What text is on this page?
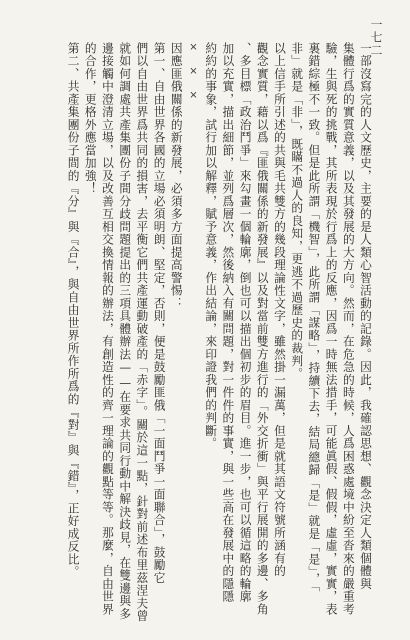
一七二
一部沒寫完的人文歷史，主要的是人類心智活動的記錄。因此，我確認思想、觀念決定人類個體與
集體行爲的實質意義，以及其發展的大方向。然而，在危急的時候，人爲困惑處境中紛至沓來的嚴重考
驗，生與死的挑戰，其所表現於行爲上的反應，因爲一時無法措手，可能眞假、假假，虛虛，實實，表
裏錯綜極不一致。但是此所謂「機智」，此所謂「謀略」，持續下去，結局總歸「是」就是「是」，「
非」就是「非」，既瞞不過人的良知，更逃不過歷史的裁判。
以上信手所引述的共與毛共雙方的幾段理論性文字，雖然掛一漏萬，但是就其語文符號所涵有的
觀念實質，藉以爲『匪俄關係的新發展』以及對當前雙方進行的「外交折衝」與平行展開的多邊、多角
、多目標「政治鬥爭」來勾畫一個輪廓，倒也可以描出個初步的眉目。進一步，也可以循這略的輪廓
加以充實，描出細節，並列爲層次，然後納入有關問題，對一件件的事實，與一些高在發展中的隱隱
約約的事象，試行加以解釋，賦予意義，作出結論，來印證我們的判斷。
× × ×
因應匪俄關係的新發展，必須多方面提高警惕：
第一、自由世界各國的立場必須明朗、堅定，否則，便是鼓勵匪俄「一面鬥爭一面聯合」，鼓勵它
們以自由世界爲共同的損害，去平衡它們共產運動破產的「赤字」。關於這一點，針對前述布里茲涅夫曾
就如何調處共產集團份子間分歧問題提出的三項具體辦法——在要求共同行動中解決歧見，在雙邊與多
邊接觸中澄清立場，以及改善互相交換情報的辦法，有創造性的齊一理論的觀點等等。那麼，自由世界
的合作，更格外應當加強！
第二、共產集團份子間的『分』與『合』，與自由世界所作所爲的『對』與『錯』，正好成反比。
